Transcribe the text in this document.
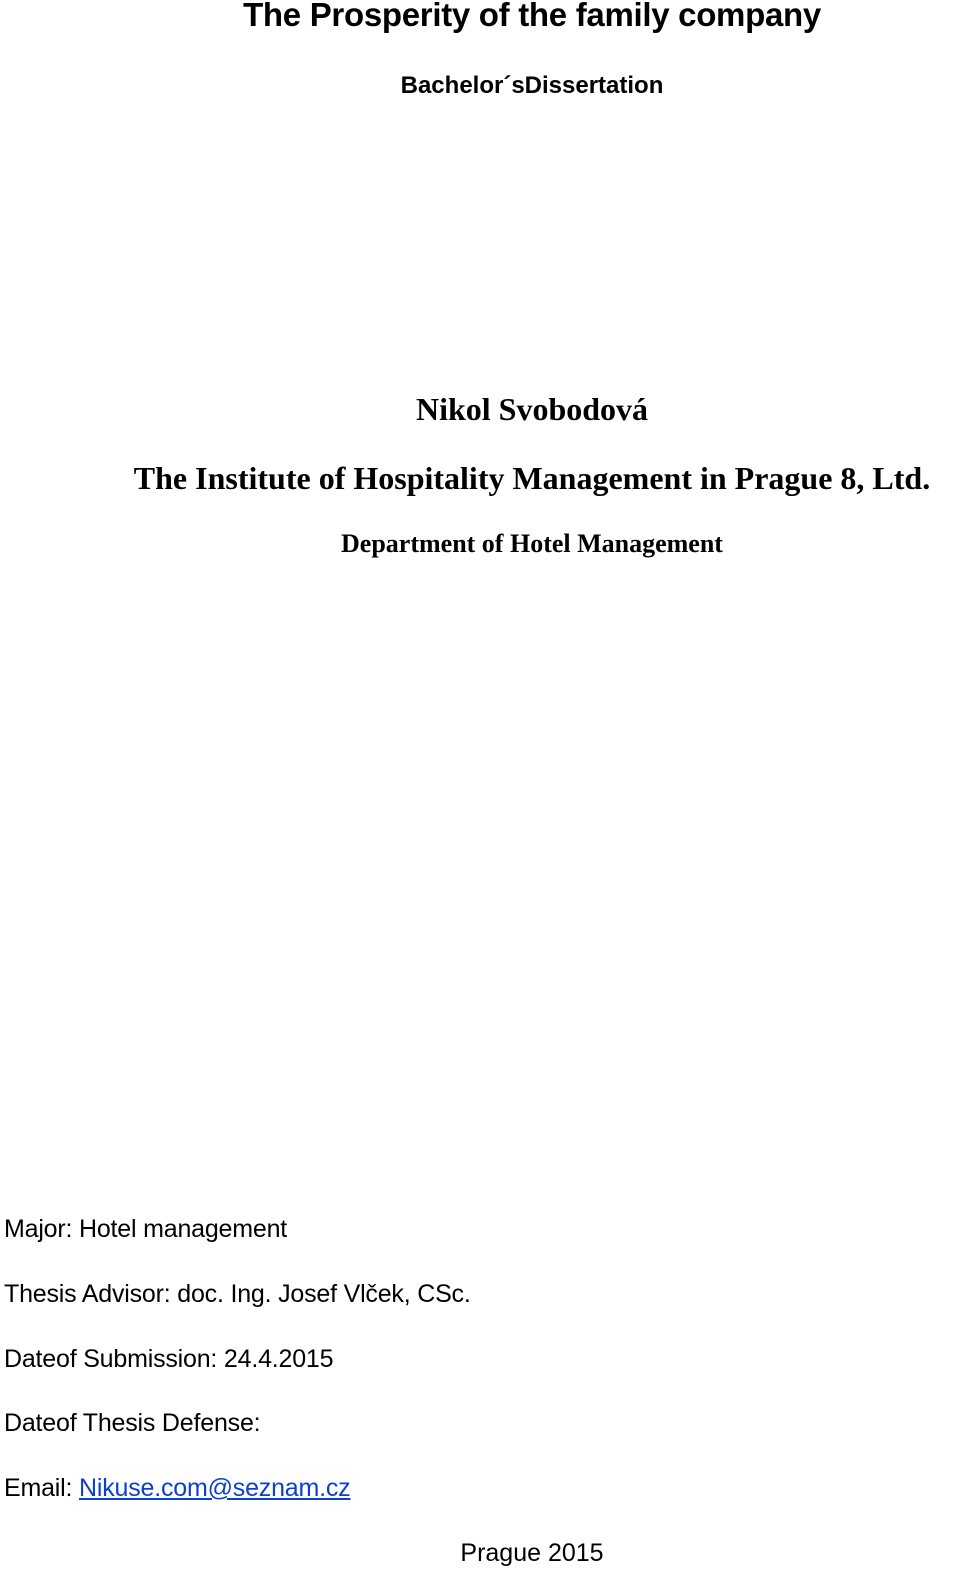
The Prosperity of the family company
Bachelor´sDissertation
Nikol Svobodová
The Institute of Hospitality Management in Prague 8, Ltd.
Department of Hotel Management
Major: Hotel management
Thesis Advisor: doc. Ing. Josef Vlček, CSc.
Dateof Submission: 24.4.2015
Dateof Thesis Defense:
Email: Nikuse.com@seznam.cz
Prague 2015
